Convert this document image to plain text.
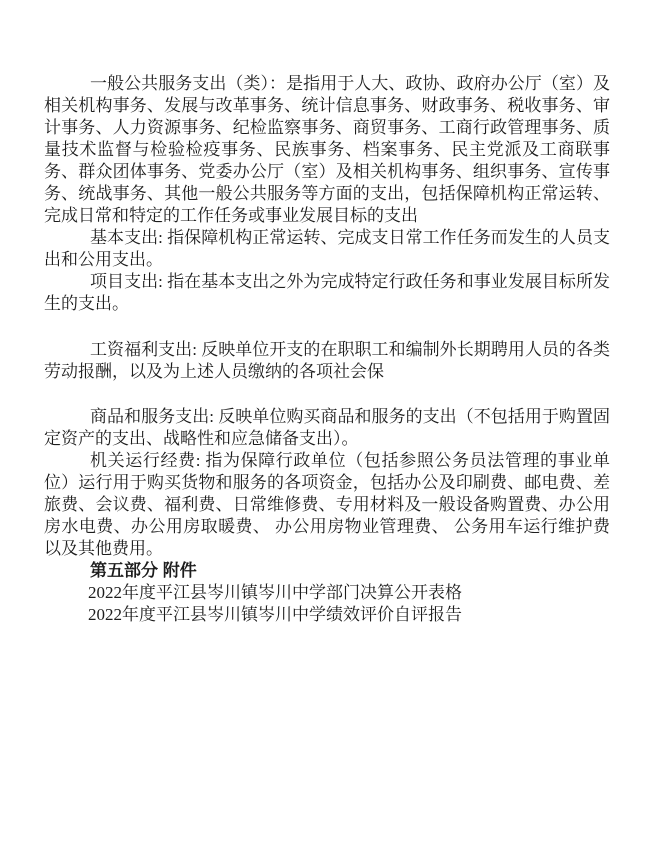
一般公共服务支出（类）：是指用于人大、政协、政府办公厅（室）及相关机构事务、发展与改革事务、统计信息事务、财政事务、税收事务、审计事务、人力资源事务、纪检监察事务、商贸事务、工商行政管理事务、质量技术监督与检验检疫事务、民族事务、档案事务、民主党派及工商联事务、群众团体事务、党委办公厅（室）及相关机构事务、组织事务、宣传事务、统战事务、其他一般公共服务等方面的支出，包括保障机构正常运转、完成日常和特定的工作任务或事业发展目标的支出

基本支出: 指保障机构正常运转、完成支日常工作任务而发生的人员支出和公用支出。

项目支出: 指在基本支出之外为完成特定行政任务和事业发展目标所发生的支出。

工资福利支出: 反映单位开支的在职职工和编制外长期聘用人员的各类劳动报酬，以及为上述人员缴纳的各项社会保

商品和服务支出: 反映单位购买商品和服务的支出（不包括用于购置固定资产的支出、战略性和应急储备支出）。

机关运行经费: 指为保障行政单位（包括参照公务员法管理的事业单位）运行用于购买货物和服务的各项资金，包括办公及印刷费、邮电费、差旅费、会议费、福利费、日常维修费、专用材料及一般设备购置费、办公用房水电费、办公用房取暖费、 办公用房物业管理费、 公务用车运行维护费以及其他费用。

第五部分 附件

2022年度平江县岑川镇岑川中学部门决算公开表格

2022年度平江县岑川镇岑川中学绩效评价自评报告
